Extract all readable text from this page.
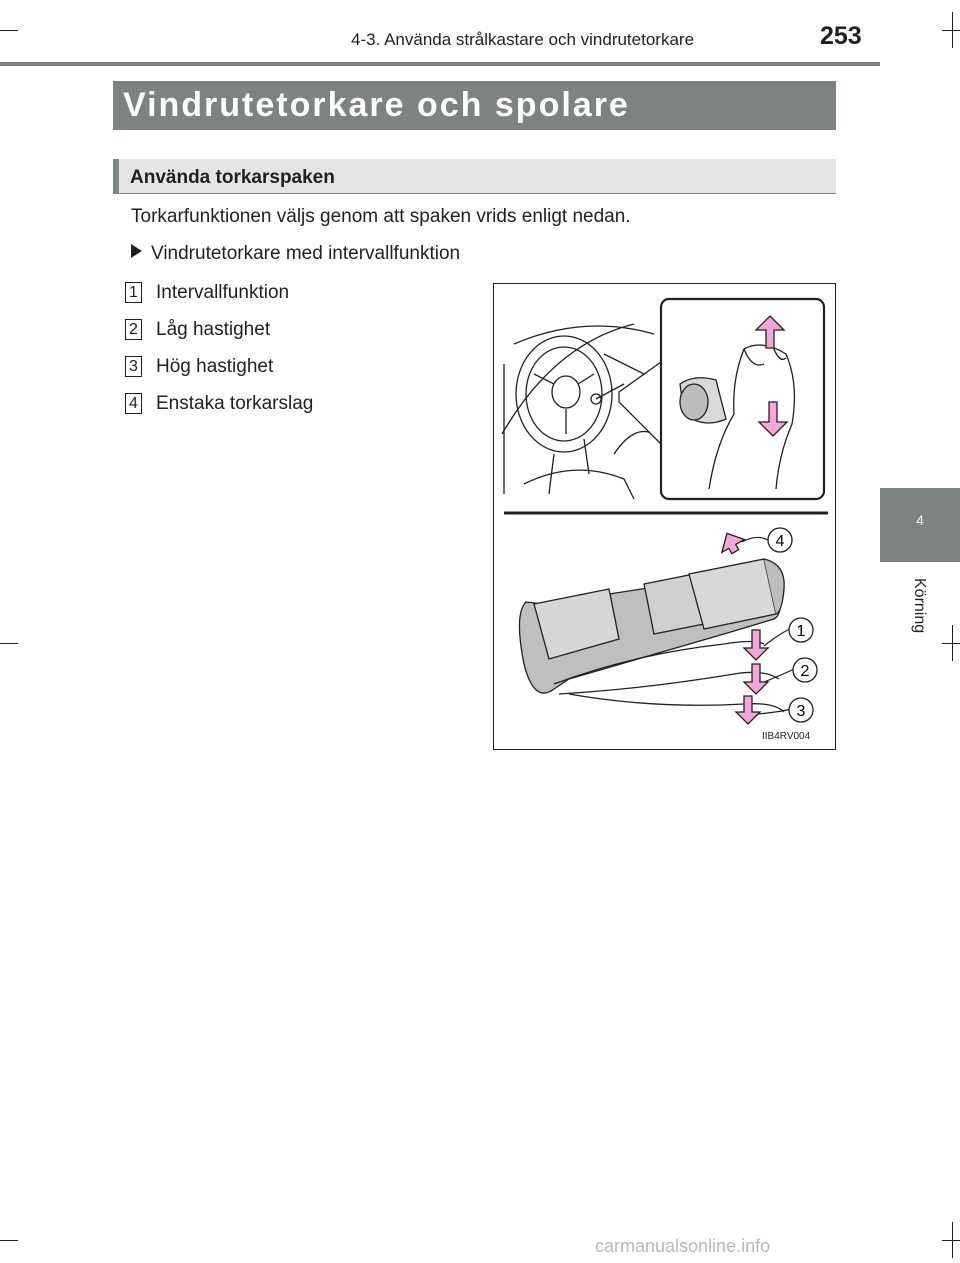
4-3. Använda strålkastare och vindrutetorkare	253
4
Körning
Vindrutetorkare och spolare
Använda torkarspaken
Torkarfunktionen väljs genom att spaken vrids enligt nedan.
Vindrutetorkare med intervallfunktion
1 Intervallfunktion
2 Låg hastighet
3 Hög hastighet
4 Enstaka torkarslag
4
1
2
3
IIB4RV004
carmanualsonline.info
